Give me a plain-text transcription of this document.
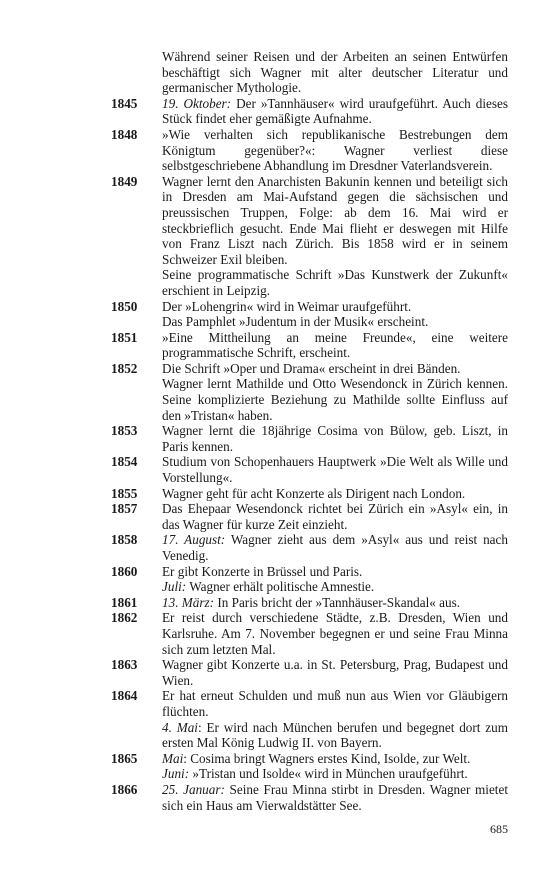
Während seiner Reisen und der Arbeiten an seinen Entwürfen beschäftigt sich Wagner mit alter deutscher Literatur und germanischer Mythologie.

1845	19. Oktober: Der »Tannhäuser« wird uraufgeführt. Auch dieses Stück findet eher gemäßigte Aufnahme.

1848	»Wie verhalten sich republikanische Bestrebungen dem Königtum gegenüber?«: Wagner verliest diese selbstgeschriebene Abhandlung im Dresdner Vaterlandsverein.

1849	Wagner lernt den Anarchisten Bakunin kennen und beteiligt sich in Dresden am Mai-Aufstand gegen die sächsischen und preussischen Truppen, Folge: ab dem 16. Mai wird er steckbrieflich gesucht. Ende Mai flieht er deswegen mit Hilfe von Franz Liszt nach Zürich. Bis 1858 wird er in seinem Schweizer Exil bleiben.

Seine programmatische Schrift »Das Kunstwerk der Zukunft« erschient in Leipzig.

1850	Der »Lohengrin« wird in Weimar uraufgeführt.

Das Pamphlet »Judentum in der Musik« erscheint.

1851	»Eine Mittheilung an meine Freunde«, eine weitere programmatische Schrift, erscheint.

1852	Die Schrift »Oper und Drama« erscheint in drei Bänden.

Wagner lernt Mathilde und Otto Wesendonck in Zürich kennen. Seine komplizierte Beziehung zu Mathilde sollte Einfluss auf den »Tristan« haben.

1853	Wagner lernt die 18jährige Cosima von Bülow, geb. Liszt, in Paris kennen.

1854	Studium von Schopenhauers Hauptwerk »Die Welt als Wille und Vorstellung«.

1855	Wagner geht für acht Konzerte als Dirigent nach London.

1857	Das Ehepaar Wesendonck richtet bei Zürich ein »Asyl« ein, in das Wagner für kurze Zeit einzieht.

1858	17. August: Wagner zieht aus dem »Asyl« aus und reist nach Venedig.

1860	Er gibt Konzerte in Brüssel und Paris.

Juli: Wagner erhält politische Amnestie.

1861	13. März: In Paris bricht der »Tannhäuser-Skandal« aus.

1862	Er reist durch verschiedene Städte, z.B. Dresden, Wien und Karlsruhe. Am 7. November begegnen er und seine Frau Minna sich zum letzten Mal.

1863	Wagner gibt Konzerte u.a. in St. Petersburg, Prag, Budapest und Wien.

1864	Er hat erneut Schulden und muß nun aus Wien vor Gläubigern flüchten.

4. Mai: Er wird nach München berufen und begegnet dort zum ersten Mal König Ludwig II. von Bayern.

1865	Mai: Cosima bringt Wagners erstes Kind, Isolde, zur Welt.

Juni: »Tristan und Isolde« wird in München uraufgeführt.

1866	25. Januar: Seine Frau Minna stirbt in Dresden. Wagner mietet sich ein Haus am Vierwaldstätter See.

685
